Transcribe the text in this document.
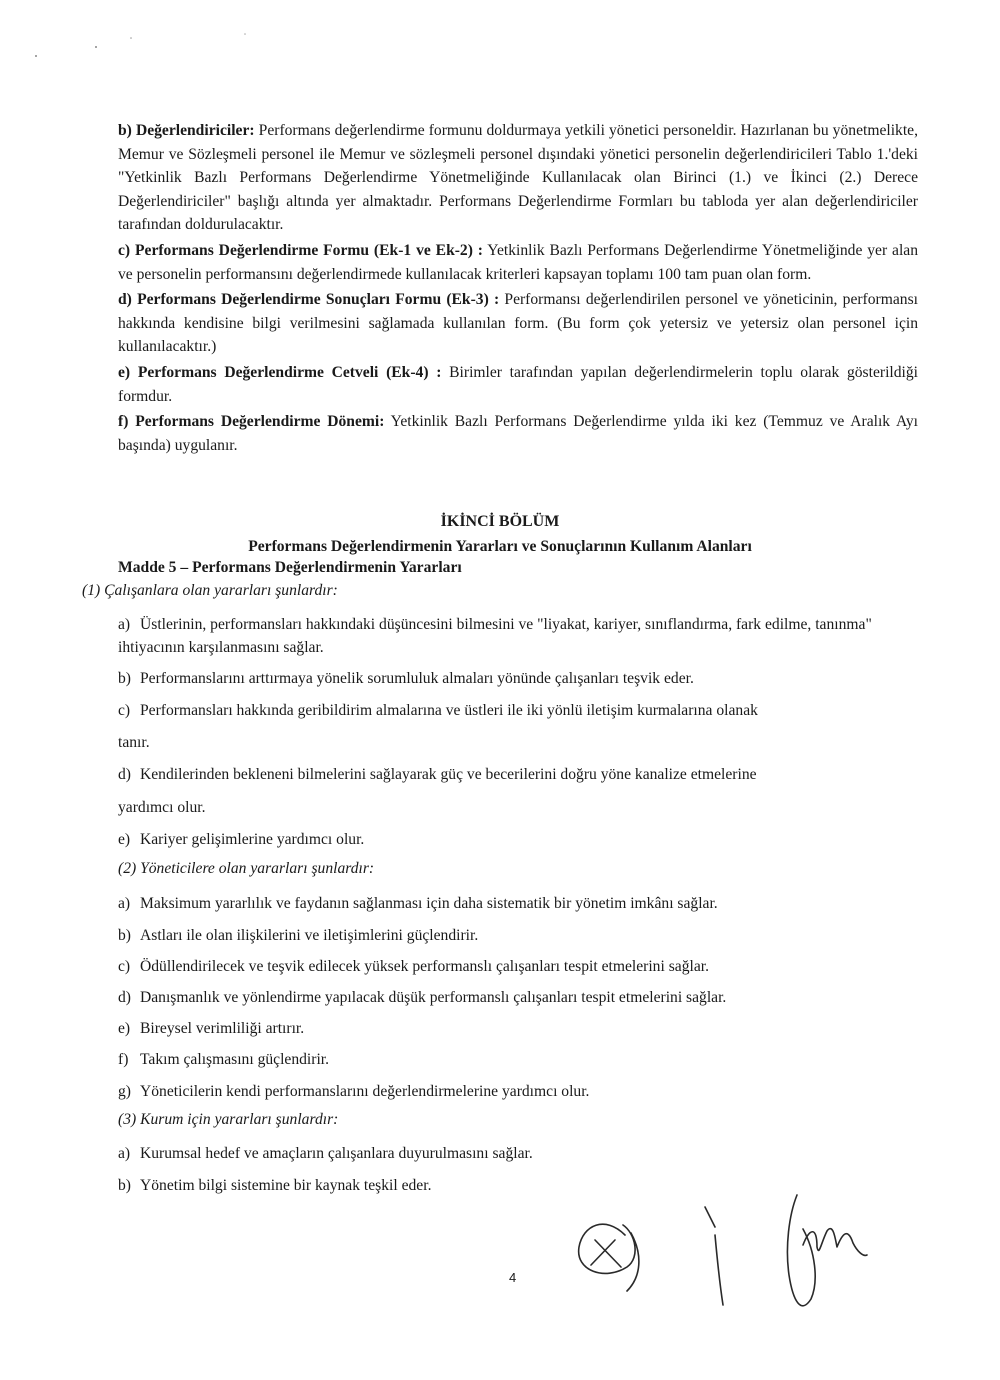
b) Değerlendiriciler: Performans değerlendirme formunu doldurmaya yetkili yönetici personeldir. Hazırlanan bu yönetmelikte, Memur ve Sözleşmeli personel ile Memur ve sözleşmeli personel dışındaki yönetici personelin değerlendiricileri Tablo 1.'deki "Yetkinlik Bazlı Performans Değerlendirme Yönetmeliğinde Kullanılacak olan Birinci (1.) ve İkinci (2.) Derece Değerlendiriciler" başlığı altında yer almaktadır. Performans Değerlendirme Formları bu tabloda yer alan değerlendiriciler tarafından doldurulacaktır.

c) Performans Değerlendirme Formu (Ek-1 ve Ek-2) : Yetkinlik Bazlı Performans Değerlendirme Yönetmeliğinde yer alan ve personelin performansını değerlendirmede kullanılacak kriterleri kapsayan toplamı 100 tam puan olan form.

d) Performans Değerlendirme Sonuçları Formu (Ek-3) : Performansı değerlendirilen personel ve yöneticinin, performansı hakkında kendisine bilgi verilmesini sağlamada kullanılan form. (Bu form çok yetersiz ve yetersiz olan personel için kullanılacaktır.)

e) Performans Değerlendirme Cetveli (Ek-4) : Birimler tarafından yapılan değerlendirmelerin toplu olarak gösterildiği formdur.

f) Performans Değerlendirme Dönemi: Yetkinlik Bazlı Performans Değerlendirme yılda iki kez (Temmuz ve Aralık Ayı başında) uygulanır.

İKİNCİ BÖLÜM
Performans Değerlendirmenin Yararları ve Sonuçlarının Kullanım Alanları
Madde 5 – Performans Değerlendirmenin Yararları
(1) Çalışanlara olan yararları şunlardır:
a) Üstlerinin, performansları hakkındaki düşüncesini bilmesini ve "liyakat, kariyer, sınıflandırma, fark edilme, tanınma" ihtiyacının karşılanmasını sağlar.
b) Performanslarını arttırmaya yönelik sorumluluk almaları yönünde çalışanları teşvik eder.
c) Performansları hakkında geribildirim almalarına ve üstleri ile iki yönlü iletişim kurmalarına olanak
tanır.
d) Kendilerinden bekleneni bilmelerini sağlayarak güç ve becerilerini doğru yöne kanalize etmelerine
yardımcı olur.
e) Kariyer gelişimlerine yardımcı olur.
(2) Yöneticilere olan yararları şunlardır:
a) Maksimum yararlılık ve faydanın sağlanması için daha sistematik bir yönetim imkânı sağlar.
b) Astları ile olan ilişkilerini ve iletişimlerini güçlendirir.
c) Ödüllendirilecek ve teşvik edilecek yüksek performanslı çalışanları tespit etmelerini sağlar.
d) Danışmanlık ve yönlendirme yapılacak düşük performanslı çalışanları tespit etmelerini sağlar.
e) Bireysel verimliliği artırır.
f) Takım çalışmasını güçlendirir.
g) Yöneticilerin kendi performanslarını değerlendirmelerine yardımcı olur.
(3) Kurum için yararları şunlardır:
a) Kurumsal hedef ve amaçların çalışanlara duyurulmasını sağlar.
b) Yönetim bilgi sistemine bir kaynak teşkil eder.
4
